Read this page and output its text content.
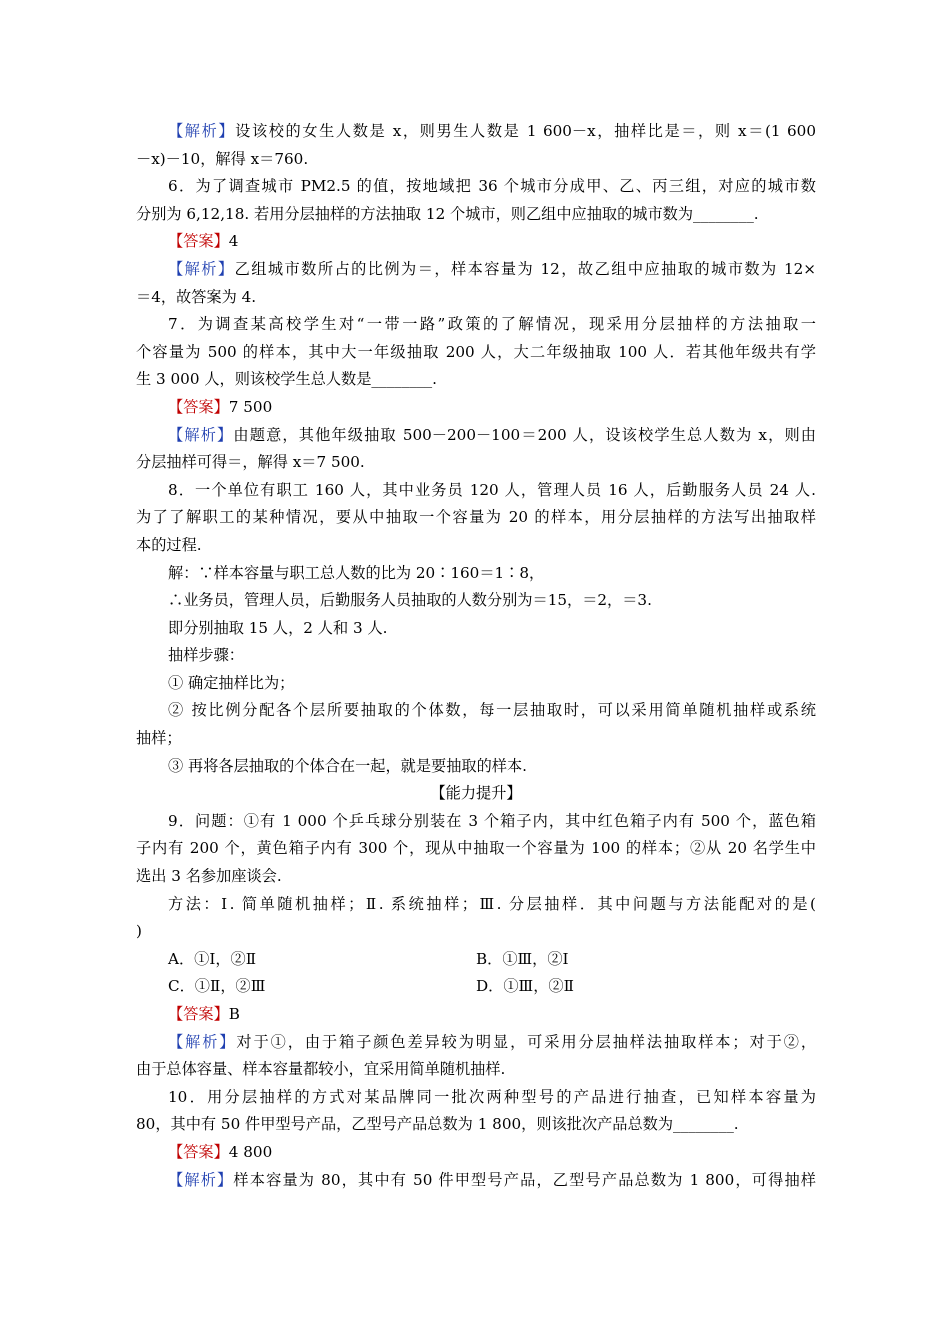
【解析】设该校的女生人数是 x，则男生人数是 1 600－x，抽样比是＝，则 x＝(1 600
－x)－10，解得 x＝760.
6．为了调查城市 PM2.5 的值，按地域把 36 个城市分成甲、乙、丙三组，对应的城市数
分别为 6,12,18. 若用分层抽样的方法抽取 12 个城市，则乙组中应抽取的城市数为________.
【答案】4
【解析】乙组城市数所占的比例为＝，样本容量为 12，故乙组中应抽取的城市数为 12×
＝4，故答案为 4.
7．为调查某高校学生对“一带一路”政策的了解情况，现采用分层抽样的方法抽取一
个容量为 500 的样本，其中大一年级抽取 200 人，大二年级抽取 100 人．若其他年级共有学
生 3 000 人，则该校学生总人数是________.
【答案】7 500
【解析】由题意，其他年级抽取 500－200－100＝200 人，设该校学生总人数为 x，则由
分层抽样可得＝，解得 x＝7 500.
8．一个单位有职工 160 人，其中业务员 120 人，管理人员 16 人，后勤服务人员 24 人.
为了了解职工的某种情况，要从中抽取一个容量为 20 的样本，用分层抽样的方法写出抽取样
本的过程.
解：∵样本容量与职工总人数的比为 20∶160＝1∶8，
∴业务员，管理人员，后勤服务人员抽取的人数分别为＝15，＝2，＝3.
即分别抽取 15 人，2 人和 3 人.
抽样步骤：
① 确定抽样比为；
② 按比例分配各个层所要抽取的个体数，每一层抽取时，可以采用简单随机抽样或系统
抽样；
③ 再将各层抽取的个体合在一起，就是要抽取的样本.
【能力提升】
9．问题：①有 1 000 个乒乓球分别装在 3 个箱子内，其中红色箱子内有 500 个，蓝色箱
子内有 200 个，黄色箱子内有 300 个，现从中抽取一个容量为 100 的样本；②从 20 名学生中
选出 3 名参加座谈会.
方法：Ⅰ. 简单随机抽样；Ⅱ. 系统抽样；Ⅲ. 分层抽样．其中问题与方法能配对的是(
)
A．①Ⅰ，②Ⅱ	B．①Ⅲ，②Ⅰ
C．①Ⅱ，②Ⅲ	D．①Ⅲ，②Ⅱ
【答案】B
【解析】对于①，由于箱子颜色差异较为明显，可采用分层抽样法抽取样本；对于②，
由于总体容量、样本容量都较小，宜采用简单随机抽样.
10．用分层抽样的方式对某品牌同一批次两种型号的产品进行抽查，已知样本容量为
80，其中有 50 件甲型号产品，乙型号产品总数为 1 800，则该批次产品总数为________.
【答案】4 800
【解析】样本容量为 80，其中有 50 件甲型号产品，乙型号产品总数为 1 800，可得抽样
